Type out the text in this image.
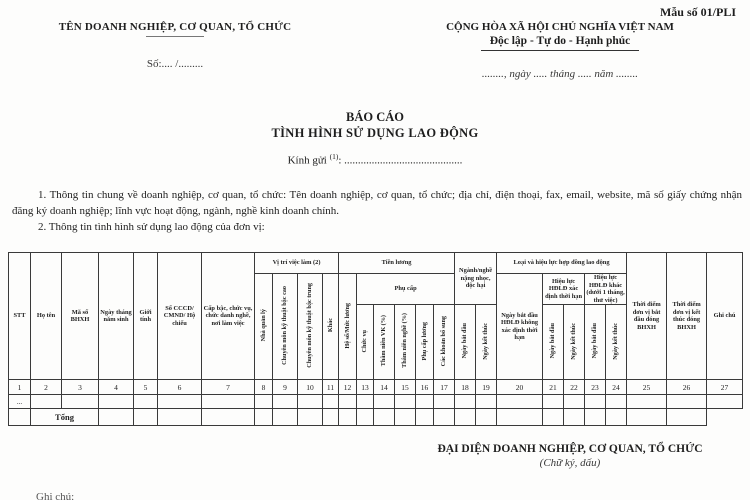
Mẫu số 01/PLI
TÊN DOANH NGHIỆP, CƠ QUAN, TỔ CHỨC
Số:.... /.........
CỘNG HÒA XÃ HỘI CHỦ NGHĨA VIỆT NAM
Độc lập - Tự do - Hạnh phúc
........, ngày ..... tháng ..... năm ........
BÁO CÁO
TÌNH HÌNH SỬ DỤNG LAO ĐỘNG
Kính gửi $^{(1)}$: ...........................................

1. Thông tin chung về doanh nghiệp, cơ quan, tổ chức: Tên doanh nghiệp, cơ quan, tổ chức; địa chỉ, điện thoại, fax, email, website, mã số giấy chứng nhận đăng ký doanh nghiệp; lĩnh vực hoạt động, ngành, nghề kinh doanh chính.

2. Thông tin tình hình sử dụng lao động của đơn vị:

STT	Họ tên	Mã số BHXH	Ngày tháng năm sinh	Giới tính	Số CCCD/ CMND/ Hộ chiếu	Cấp bậc, chức vụ, chức danh nghề, nơi làm việc	Vị trí việc làm (2)				Tiền lương						Ngành/nghề nặng nhọc, độc hại		Loại và hiệu lực hợp đồng lao động					Thời điểm đơn vị bắt đầu đóng BHXH	Thời điểm đơn vị kết thúc đóng BHXH	Ghi chú
							Nhà quản lý	Chuyên môn kỹ thuật bậc cao	Chuyên môn kỹ thuật bậc trung	Khác	Hệ số/Mức lương	Phụ cấp							Ngày bắt đầu HĐLĐ không xác định thời hạn	Hiệu lực HĐLĐ xác định thời hạn		Hiệu lực HĐLĐ khác (dưới 1 tháng, thử việc)				
												Chức vụ	Thâm niên VK (%)	Thâm niên nghề (%)	Phụ cấp lương	Các khoản bổ sung	Ngày bắt đầu	Ngày kết thúc		Ngày bắt đầu	Ngày kết thúc	Ngày bắt đầu	Ngày kết thúc			
1	2	3	4	5	6	7	8	9	10	11	12	13	14	15	16	17	18	19	20	21	22	23	24	25	26	27
...																										
	Tổng																									
ĐẠI DIỆN DOANH NGHIỆP, CƠ QUAN, TỔ CHỨC
(Chữ ký, dấu)
Ghi chú:
